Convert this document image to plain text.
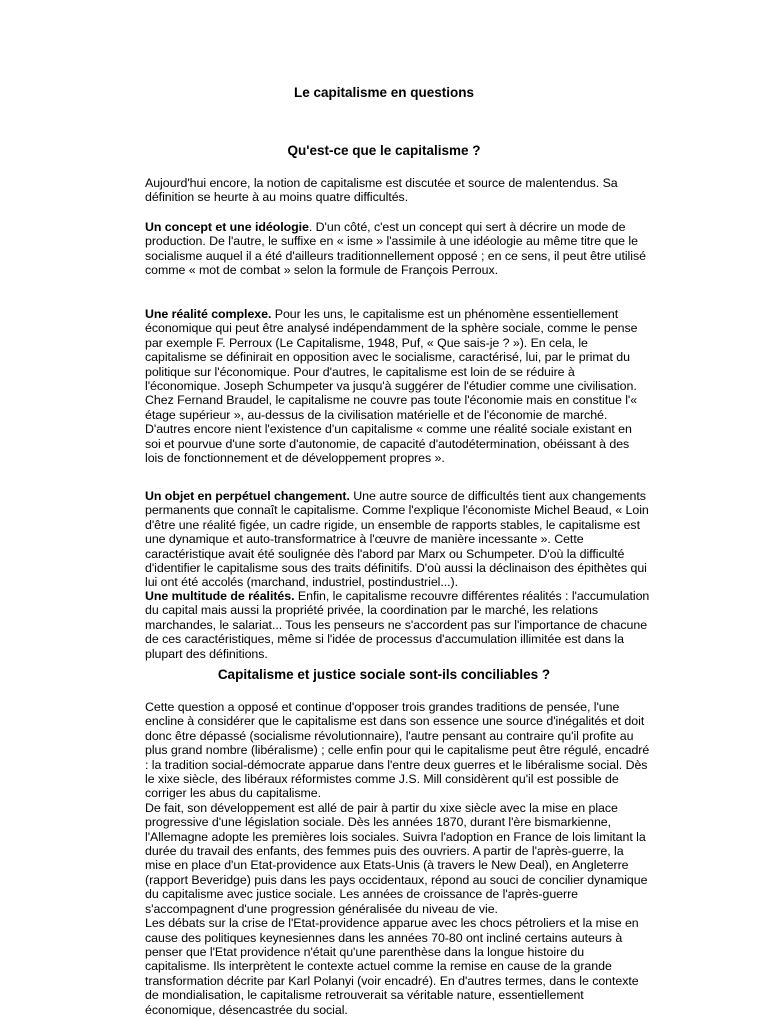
Le capitalisme en questions
Qu'est-ce que le capitalisme ?

Aujourd'hui encore, la notion de capitalisme est discutée et source de malentendus. Sa définition se heurte à au moins quatre difficultés.

Un concept et une idéologie. D'un côté, c'est un concept qui sert à décrire un mode de production. De l'autre, le suffixe en « isme » l'assimile à une idéologie au même titre que le socialisme auquel il a été d'ailleurs traditionnellement opposé ; en ce sens, il peut être utilisé comme « mot de combat » selon la formule de François Perroux.

Une réalité complexe. Pour les uns, le capitalisme est un phénomène essentiellement économique qui peut être analysé indépendamment de la sphère sociale, comme le pense par exemple F. Perroux (Le Capitalisme, 1948, Puf, « Que sais-je ? »). En cela, le capitalisme se définirait en opposition avec le socialisme, caractérisé, lui, par le primat du politique sur l'économique. Pour d'autres, le capitalisme est loin de se réduire à l'économique. Joseph Schumpeter va jusqu'à suggérer de l'étudier comme une civilisation. Chez Fernand Braudel, le capitalisme ne couvre pas toute l'économie mais en constitue l'« étage supérieur », au-dessus de la civilisation matérielle et de l'économie de marché. D'autres encore nient l'existence d'un capitalisme « comme une réalité sociale existant en soi et pourvue d'une sorte d'autonomie, de capacité d'autodétermination, obéissant à des lois de fonctionnement et de développement propres ».

Un objet en perpétuel changement. Une autre source de difficultés tient aux changements permanents que connaît le capitalisme. Comme l'explique l'économiste Michel Beaud, « Loin d'être une réalité figée, un cadre rigide, un ensemble de rapports stables, le capitalisme est une dynamique et auto-transformatrice à l'œuvre de manière incessante ». Cette caractéristique avait été soulignée dès l'abord par Marx ou Schumpeter. D'où la difficulté d'identifier le capitalisme sous des traits définitifs. D'où aussi la déclinaison des épithètes qui lui ont été accolés (marchand, industriel, postindustriel...).

Une multitude de réalités. Enfin, le capitalisme recouvre différentes réalités : l'accumulation du capital mais aussi la propriété privée, la coordination par le marché, les relations marchandes, le salariat... Tous les penseurs ne s'accordent pas sur l'importance de chacune de ces caractéristiques, même si l'idée de processus d'accumulation illimitée est dans la plupart des définitions.

Capitalisme et justice sociale sont-ils conciliables ?

Cette question a opposé et continue d'opposer trois grandes traditions de pensée, l'une encline à considérer que le capitalisme est dans son essence une source d'inégalités et doit donc être dépassé (socialisme révolutionnaire), l'autre pensant au contraire qu'il profite au plus grand nombre (libéralisme) ; celle enfin pour qui le capitalisme peut être régulé, encadré : la tradition social-démocrate apparue dans l'entre deux guerres et le libéralisme social. Dès le xixe siècle, des libéraux réformistes comme J.S. Mill considèrent qu'il est possible de corriger les abus du capitalisme.
De fait, son développement est allé de pair à partir du xixe siècle avec la mise en place progressive d'une législation sociale. Dès les années 1870, durant l'ère bismarkienne, l'Allemagne adopte les premières lois sociales. Suivra l'adoption en France de lois limitant la durée du travail des enfants, des femmes puis des ouvriers. A partir de l'après-guerre, la mise en place d'un Etat-providence aux Etats-Unis (à travers le New Deal), en Angleterre (rapport Beveridge) puis dans les pays occidentaux, répond au souci de concilier dynamique du capitalisme avec justice sociale. Les années de croissance de l'après-guerre s'accompagnent d'une progression généralisée du niveau de vie.
Les débats sur la crise de l'Etat-providence apparue avec les chocs pétroliers et la mise en cause des politiques keynesiennes dans les années 70-80 ont incliné certains auteurs à penser que l'Etat providence n'était qu'une parenthèse dans la longue histoire du capitalisme. Ils interprètent le contexte actuel comme la remise en cause de la grande transformation décrite par Karl Polanyi (voir encadré). En d'autres termes, dans le contexte de mondialisation, le capitalisme retrouverait sa véritable nature, essentiellement économique, désencastrée du social.
